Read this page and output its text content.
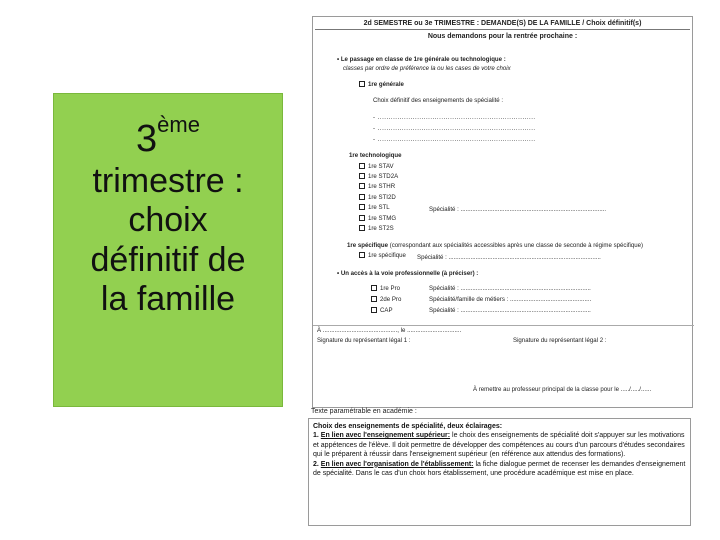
3ème
trimestre :
choix
définitif de
la famille
2d SEMESTRE ou 3e TRIMESTRE : DEMANDE(S) DE LA FAMILLE / Choix définitif(s)
Nous demandons pour la rentrée prochaine :
• Le passage en classe de 1re générale ou technologique :
classes par ordre de préférence la ou les cases de votre choix
1re générale
Choix définitif des enseignements de spécialité :
- ........................................................................
- ........................................................................
- ........................................................................
1re technologique
1re STAV
1re STD2A
1re STHR
1re STI2D
1re STL
1re STMG
1re ST2S
Spécialité : ......................................................................................
1re spécifique (correspondant aux spécialités accessibles après une classe de seconde à régime spécifique)
1re spécifique Spécialité : ..........................................................................................
• Un accès à la voie professionnelle (à préciser) :
1re Pro
2de Pro
CAP
Spécialité : .............................................................................
Spécialité/famille de métiers : ................................................
Spécialité : .............................................................................
À ............................................, le ................................
Signature du représentant légal 1 :	Signature du représentant légal 2 :
À remettre au professeur principal de la classe pour le ...../...../......
Texte paramétrable en académie :
Choix des enseignements de spécialité, deux éclairages:
1. En lien avec l'enseignement supérieur: le choix des enseignements de spécialité doit s'appuyer sur les motivations et appétences de l'élève. Il doit permettre de développer des compétences au cours d'un parcours d'études secondaires qui le préparent à réussir dans l'enseignement supérieur (en référence aux attendus des formations).
2. En lien avec l'organisation de l'établissement: la fiche dialogue permet de recenser les demandes d'enseignement de spécialité. Dans le cas d'un choix hors établissement, une procédure académique est mise en place.
